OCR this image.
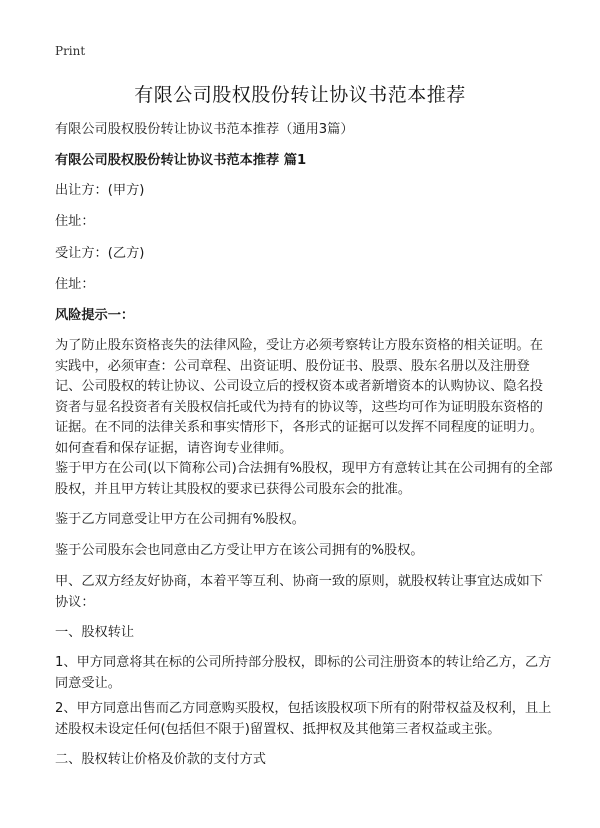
Print
有限公司股权股份转让协议书范本推荐
有限公司股权股份转让协议书范本推荐（通用3篇）
有限公司股权股份转让协议书范本推荐 篇1
出让方：(甲方)
住址：
受让方：(乙方)
住址：
风险提示一：
为了防止股东资格丧失的法律风险，受让方必须考察转让方股东资格的相关证明。在实践中，必须审查：公司章程、出资证明、股份证书、股票、股东名册以及注册登记、公司股权的转让协议、公司设立后的授权资本或者新增资本的认购协议、隐名投资者与显名投资者有关股权信托或代为持有的协议等，这些均可作为证明股东资格的证据。在不同的法律关系和事实情形下，各形式的证据可以发挥不同程度的证明力。如何查看和保存证据，请咨询专业律师。
鉴于甲方在公司(以下简称公司)合法拥有%股权，现甲方有意转让其在公司拥有的全部股权，并且甲方转让其股权的要求已获得公司股东会的批准。
鉴于乙方同意受让甲方在公司拥有%股权。
鉴于公司股东会也同意由乙方受让甲方在该公司拥有的%股权。
甲、乙双方经友好协商，本着平等互利、协商一致的原则，就股权转让事宜达成如下协议：
一、股权转让
1、甲方同意将其在标的公司所持部分股权，即标的公司注册资本的转让给乙方，乙方同意受让。
2、甲方同意出售而乙方同意购买股权，包括该股权项下所有的附带权益及权利，且上述股权未设定任何(包括但不限于)留置权、抵押权及其他第三者权益或主张。
二、股权转让价格及价款的支付方式
